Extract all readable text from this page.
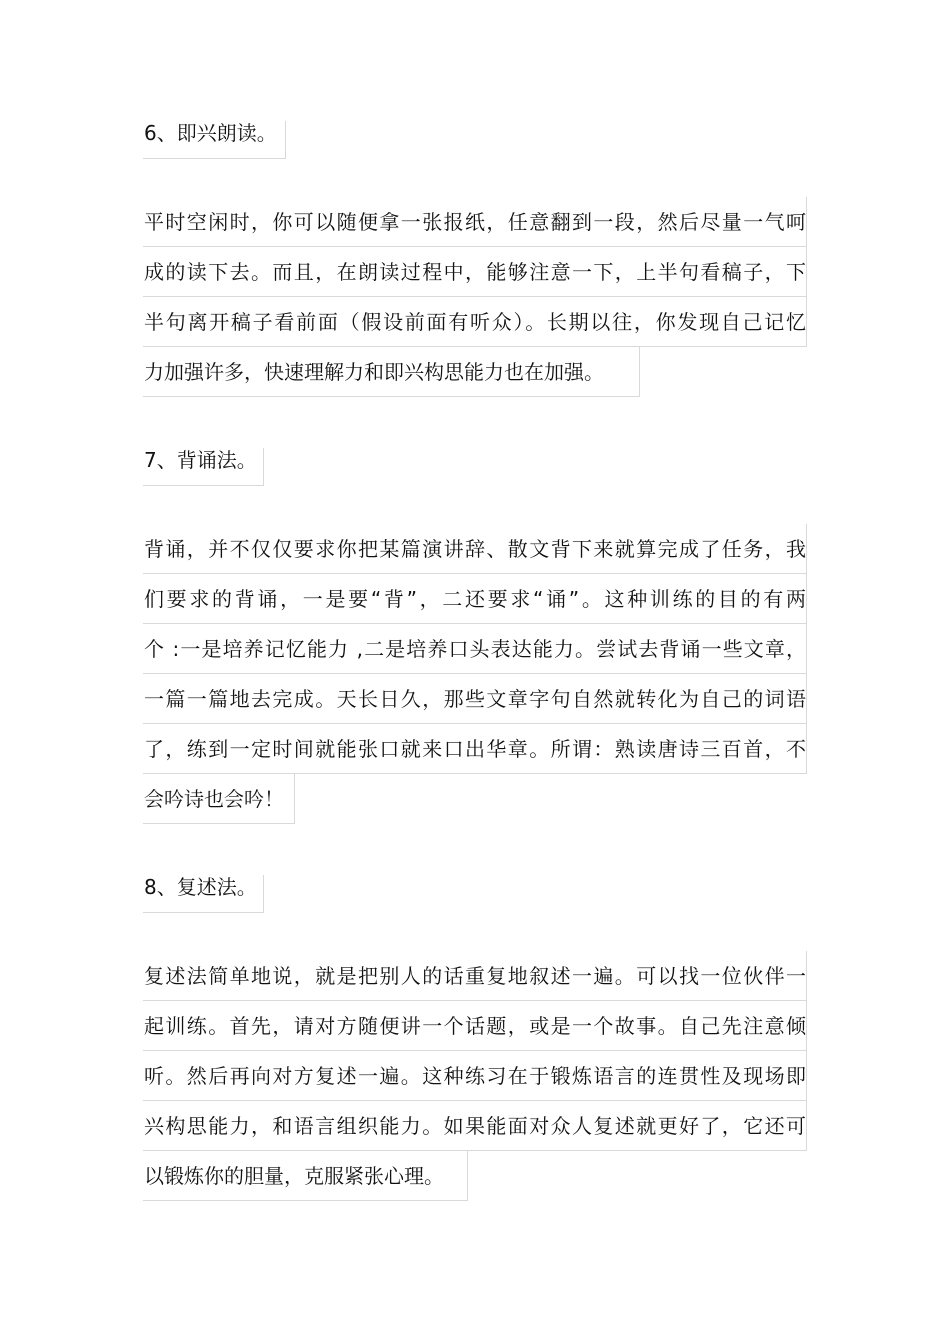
6、即兴朗读。
平时空闲时，你可以随便拿一张报纸，任意翻到一段，然后尽量一气呵
成的读下去。而且，在朗读过程中，能够注意一下，上半句看稿子，下
半句离开稿子看前面（假设前面有听众）。长期以往，你发现自己记忆
力加强许多，快速理解力和即兴构思能力也在加强。
7、背诵法。
背诵，并不仅仅要求你把某篇演讲辞、散文背下来就算完成了任务，我
们要求的背诵，一是要“背”，二还要求“诵”。这种训练的目的有两
个 :一是培养记忆能力 ,二是培养口头表达能力。尝试去背诵一些文章，
一篇一篇地去完成。天长日久，那些文章字句自然就转化为自己的词语
了，练到一定时间就能张口就来口出华章。所谓：熟读唐诗三百首，不
会吟诗也会吟！
8、复述法。
复述法简单地说，就是把别人的话重复地叙述一遍。可以找一位伙伴一
起训练。首先，请对方随便讲一个话题，或是一个故事。自己先注意倾
听。然后再向对方复述一遍。这种练习在于锻炼语言的连贯性及现场即
兴构思能力，和语言组织能力。如果能面对众人复述就更好了，它还可
以锻炼你的胆量，克服紧张心理。
